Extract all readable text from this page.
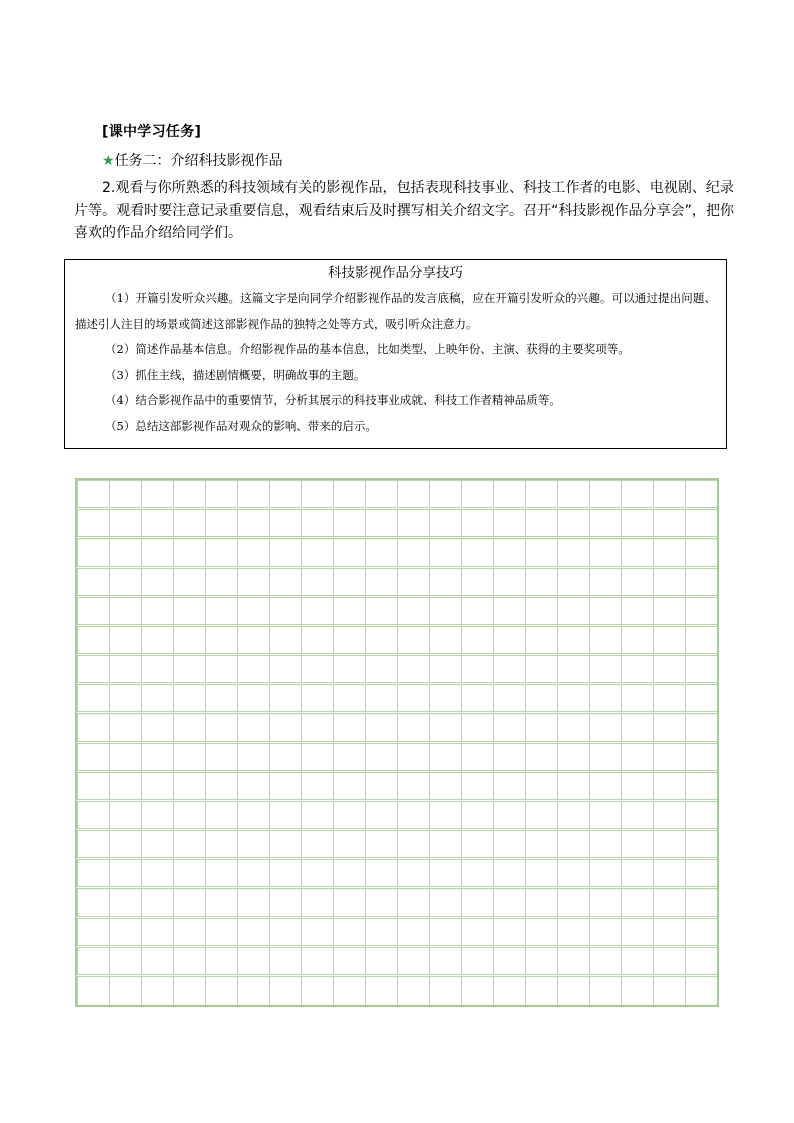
[课中学习任务]
★任务二：介绍科技影视作品
2.观看与你所熟悉的科技领域有关的影视作品，包括表现科技事业、科技工作者的电影、电视剧、纪录片等。观看时要注意记录重要信息，观看结束后及时撰写相关介绍文字。召开“科技影视作品分享会”，把你喜欢的作品介绍给同学们。
科技影视作品分享技巧
（1）开篇引发听众兴趣。这篇文字是向同学介绍影视作品的发言底稿，应在开篇引发听众的兴趣。可以通过提出问题、描述引人注目的场景或简述这部影视作品的独特之处等方式，吸引听众注意力。
（2）简述作品基本信息。介绍影视作品的基本信息，比如类型、上映年份、主演、获得的主要奖项等。
（3）抓住主线，描述剧情概要，明确故事的主题。
（4）结合影视作品中的重要情节，分析其展示的科技事业成就、科技工作者精神品质等。
（5）总结这部影视作品对观众的影响、带来的启示。
